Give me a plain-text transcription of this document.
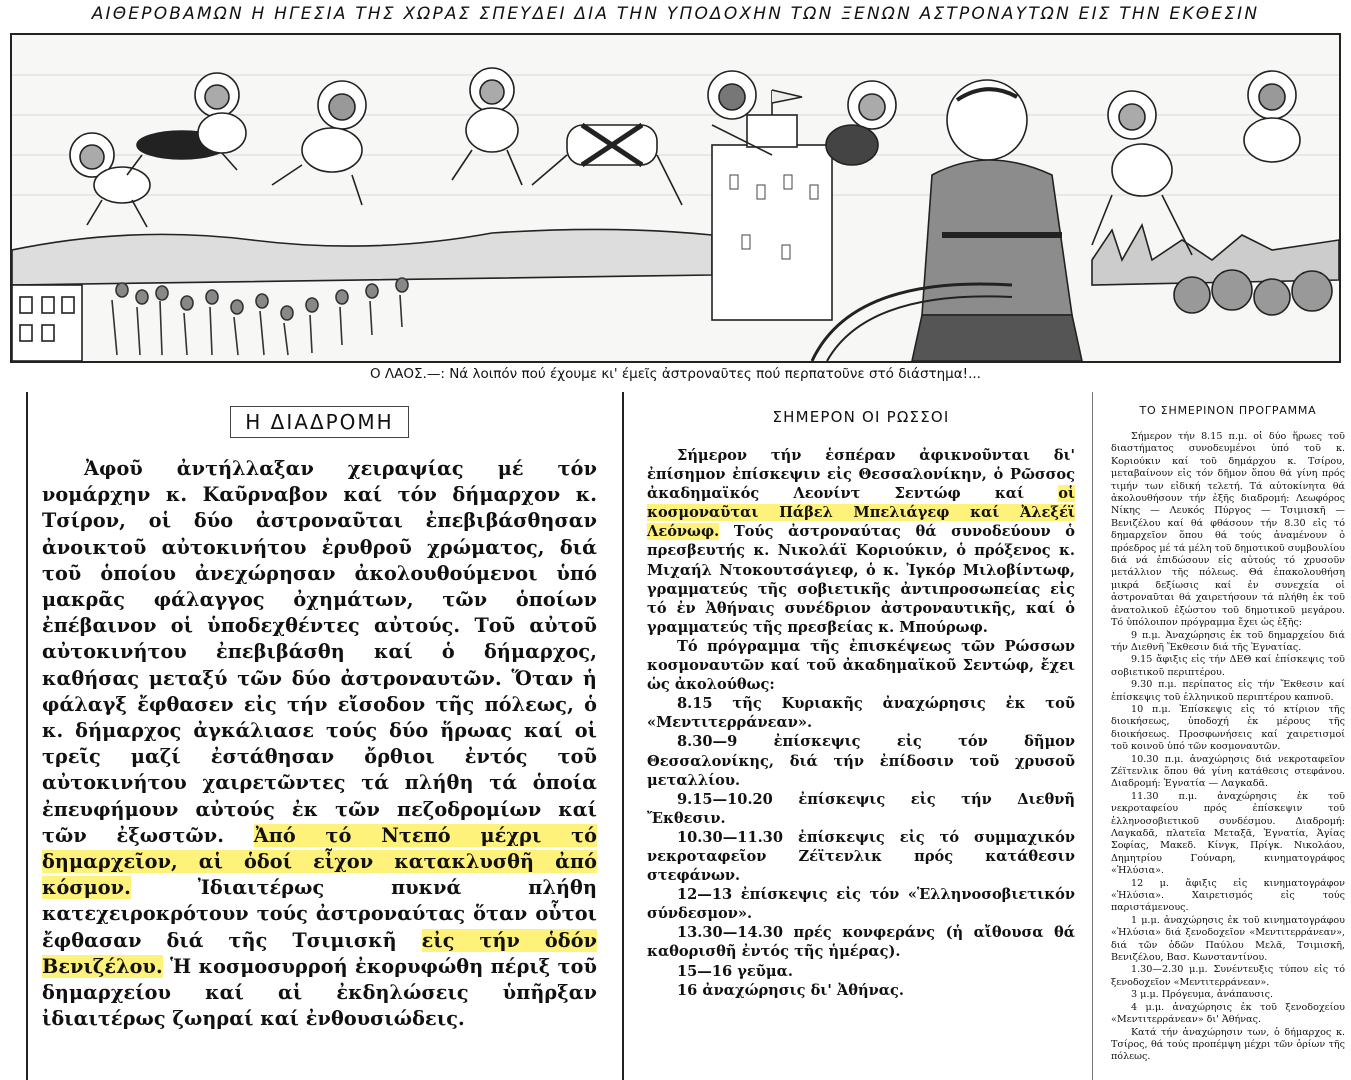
ΑΙΘΕΡΟΒΑΜΩΝ Η ΗΓΕΣΙΑ ΤΗΣ ΧΩΡΑΣ ΣΠΕΥΔΕΙ ΔΙΑ ΤΗΝ ΥΠΟΔΟΧΗΝ ΤΩΝ ΞΕΝΩΝ ΑΣΤΡΟΝΑΥΤΩΝ ΕΙΣ ΤΗΝ ΕΚΘΕΣΙΝ
Ο ΛΑΟΣ.—: Νά λοιπόν πού έχουμε κι' έμεῖς ἀστροναῦτες πού περπατοῦνε στό διάστημα!...
Η ΔΙΑΔΡΟΜΗ

Ἀφοῦ ἀντήλλαξαν χειραψίας μέ τόν νομάρχην κ. Καῦρναβον καί τόν δήμαρχον κ. Τσίρον, οἱ δύο ἀστροναῦται ἐπεβιβάσθησαν ἀνοικτοῦ αὐτοκινήτου ἐρυθροῦ χρώματος, διά τοῦ ὁποίου ἀνεχώρησαν ἀκολουθούμενοι ὑπό μακρᾶς φάλαγγος ὀχημάτων, τῶν ὁποίων ἐπέβαινον οἱ ὑποδεχθέντες αὐτούς. Τοῦ αὐτοῦ αὐτοκινήτου ἐπεβιβάσθη καί ὁ δήμαρχος, καθήσας μεταξύ τῶν δύο ἀστροναυτῶν. Ὅταν ἡ φάλαγξ ἔφθασεν εἰς τήν εἴσοδον τῆς πόλεως, ὁ κ. δήμαρχος ἀγκάλιασε τούς δύο ἥρωας καί οἱ τρεῖς μαζί ἐστάθησαν ὄρθιοι ἐντός τοῦ αὐτοκινήτου χαιρετῶντες τά πλήθη τά ὁποία ἐπευφήμουν αὐτούς ἐκ τῶν πεζοδρομίων καί τῶν ἐξωστῶν. Ἀπό τό Ντεπό μέχρι τό δημαρχεῖον, αἱ ὁδοί εἶχον κατακλυσθῆ ἀπό κόσμον.	Ἰδιαιτέρως πυκνά πλήθη κατεχειροκρότουν τούς ἀστροναύτας ὅταν οὗτοι ἔφθασαν διά τῆς Τσιμισκῆ εἰς τήν ὁδόν Βενιζέλου. Ἡ κοσμοσυρροή ἐκορυφώθη πέριξ τοῦ δημαρχείου καί αἱ ἐκδηλώσεις ὑπῆρξαν ἰδιαιτέρως ζωηραί καί ἐνθουσιώδεις.

ΣΗΜΕΡΟΝ ΟΙ ΡΩΣΣΟΙ

Σήμερον τήν ἑσπέραν ἀφικνοῦνται δι' ἐπίσημον ἐπίσκεψιν εἰς Θεσσαλονίκην, ὁ Ρῶσσος ἀκαδημαϊκός Λεονίντ Σεντώφ καί οἱ κοσμοναῦται Πάβελ Μπελιάγεφ καί Ἀλεξέϊ Λεόνωφ. Τούς ἀστροναύτας θά συνοδεύουν ὁ πρεσβευτής κ. Νικολάϊ Κοριούκιν, ὁ πρόξενος κ. Μιχαήλ Ντοκουτσάγιεφ, ὁ κ. Ἰγκόρ Μιλοβίντωφ, γραμματεύς τῆς σοβιετικῆς ἀντιπροσωπείας εἰς τό ἐν Ἀθήναις συνέδριον ἀστροναυτικῆς, καί ὁ γραμματεύς τῆς πρεσβείας κ. Μπούρωφ.

Τό πρόγραμμα τῆς ἐπισκέψεως τῶν Ρώσσων κοσμοναυτῶν καί τοῦ ἀκαδημαϊκοῦ Σεντώφ, ἔχει ὡς ἀκολούθως:

8.15 τῆς Κυριακῆς ἀναχώρησις ἐκ τοῦ «Μεντιτερράνεαν».
8.30—9 ἐπίσκεψις εἰς τόν δῆμον Θεσσαλονίκης, διά τήν ἐπίδοσιν τοῦ χρυσοῦ μεταλλίου.
9.15—10.20 ἐπίσκεψις εἰς τήν Διεθνῆ Ἔκθεσιν.
10.30—11.30 ἐπίσκεψις εἰς τό συμμαχικόν νεκροταφεῖον Ζέϊτενλικ πρός κατάθεσιν στεφάνων.
12—13 ἐπίσκεψις εἰς τόν «Ἑλληνοσοβιετικόν σύνδεσμον».
13.30—14.30 πρές κονφεράνς (ἡ αἴθουσα θά καθορισθῆ ἐντός τῆς ἡμέρας).
15—16 γεῦμα.
16 ἀναχώρησις δι' Ἀθήνας.
ΤΟ ΣΗΜΕΡΙΝΟΝ ΠΡΟΓΡΑΜΜΑ

Σήμερον τήν 8.15 π.μ. οἱ δύο ἥρωες τοῦ διαστήματος συνοδευμένοι ὑπό τοῦ κ. Κοριούκιν καί τοῦ δημάρχου κ. Τσίρου, μεταβαίνουν εἰς τόν δῆμον ὅπου θά γίνη πρός τιμήν των εἰδική τελετή. Τά αὐτοκίνητα θά ἀκολουθήσουν τήν ἑξῆς διαδρομή: Λεωφόρος Νίκης — Λευκός Πύργος — Τσιμισκῆ — Βενιζέλου καί θά φθάσουν τήν 8.30 εἰς τό δημαρχεῖον ὅπου θά τούς ἀναμένουν ὁ πρόεδρος μέ τά μέλη τοῦ δημοτικοῦ συμβουλίου διά νά ἐπιδώσουν εἰς αὐτούς τό χρυσοῦν μετάλλιον τῆς πόλεως. Θά ἐπακολουθήση μικρά δεξίωσις καί ἐν συνεχεία οἱ ἀστροναῦται θά χαιρετήσουν τά πλήθη ἐκ τοῦ ἀνατολικοῦ ἐξώστου τοῦ δημοτικοῦ μεγάρου. Τό ὑπόλοιπον πρόγραμμα ἔχει ὡς ἑξῆς:

9 π.μ. Ἀναχώρησις ἐκ τοῦ δημαρχείου διά τήν Διεθνῆ Ἔκθεσιν διά τῆς Ἐγνατίας.
9.15 ἄφιξις εἰς τήν ΔΕΘ καί ἐπίσκεψις τοῦ σοβιετικοῦ περιπτέρου.
9.30 π.μ. περίπατος εἰς τήν Ἔκθεσιν καί ἐπίσκεψις τοῦ ἑλληνικοῦ περιπτέρου καπνοῦ.
10 π.μ. Ἐπίσκεψις εἰς τό κτίριον τῆς διοικήσεως, ὑποδοχή ἐκ μέρους τῆς διοικήσεως. Προσφωνήσεις καί χαιρετισμοί τοῦ κοινοῦ ὑπό τῶν κοσμοναυτῶν.
10.30 π.μ. ἀναχώρησις διά νεκροταφεῖον Ζέϊτενλικ ὅπου θά γίνη κατάθεσις στεφάνου. Διαδρομή: Ἐγνατία — Λαγκαδᾶ.
11.30 π.μ. ἀναχώρησις ἐκ τοῦ νεκροταφείου πρός ἐπίσκεψιν τοῦ ἑλληνοσοβιετικοῦ συνδέσμου. Διαδρομή: Λαγκαδᾶ, πλατεῖα Μεταξᾶ, Ἐγνατία, Ἁγίας Σοφίας, Μακεδ. Κίνγκ, Πρίγκ. Νικολάου, Δημητρίου Γούναρη, κινηματογράφος «Ἠλύσια».
12 μ. ἄφιξις εἰς κινηματογράφον «Ἠλύσια». Χαιρετισμός εἰς τούς παριστάμενους.
1 μ.μ. ἀναχώρησις ἐκ τοῦ κινηματογράφου «Ἠλύσια» διά ξενοδοχεῖον «Μεντιτερράνεαν», διά τῶν ὁδῶν Παύλου Μελᾶ, Τσιμισκῆ, Βενιζέλου, Βασ. Κωνσταντίνου.
1.30—2.30 μ.μ. Συνέντευξις τύπου εἰς τό ξενοδοχεῖον «Μεντιτερράνεαν».
3 μ.μ. Πρόγευμα, ἀνάπαυσις.
4 μ.μ. ἀναχώρησις ἐκ τοῦ ξενοδοχείου «Μεντιτερράνεαν» δι' Ἀθήνας.

Κατά τήν ἀναχώρησιν των, ὁ δήμαρχος κ. Τσίρος, θά τούς προπέμψη μέχρι τῶν ὁρίων τῆς πόλεως.
